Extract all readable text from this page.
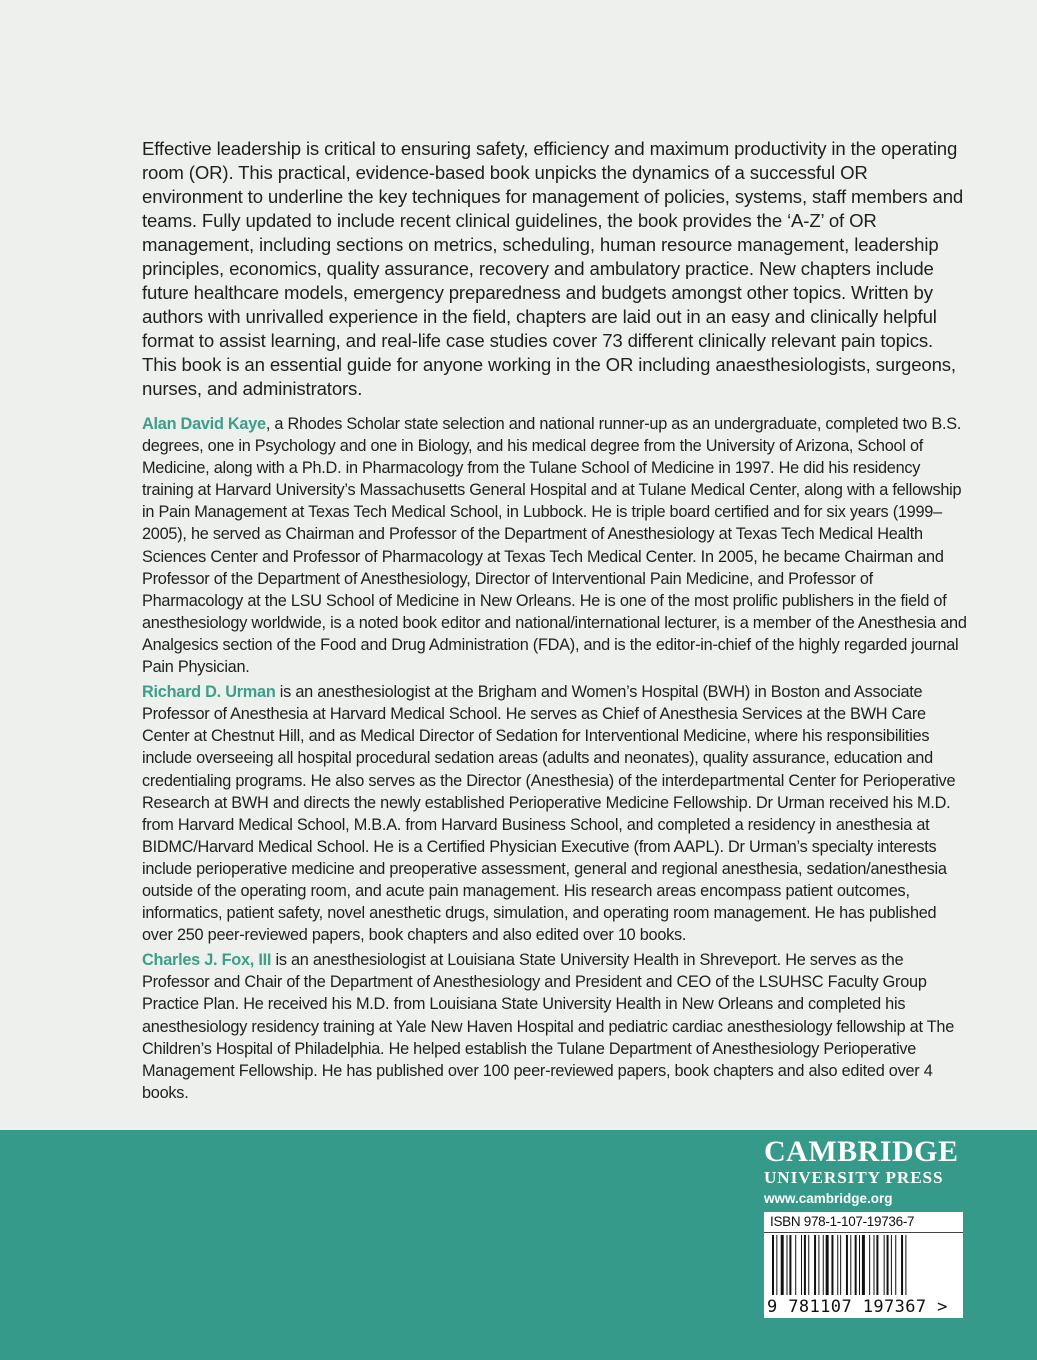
Effective leadership is critical to ensuring safety, efficiency and maximum productivity in the operating room (OR). This practical, evidence-based book unpicks the dynamics of a successful OR environment to underline the key techniques for management of policies, systems, staff members and teams. Fully updated to include recent clinical guidelines, the book provides the ‘A-Z’ of OR management, including sections on metrics, scheduling, human resource management, leadership principles, economics, quality assurance, recovery and ambulatory practice. New chapters include future healthcare models, emergency preparedness and budgets amongst other topics. Written by authors with unrivalled experience in the field, chapters are laid out in an easy and clinically helpful format to assist learning, and real-life case studies cover 73 different clinically relevant pain topics. This book is an essential guide for anyone working in the OR including anaesthesiologists, surgeons, nurses, and administrators.

Alan David Kaye, a Rhodes Scholar state selection and national runner-up as an undergraduate, completed two B.S. degrees, one in Psychology and one in Biology, and his medical degree from the University of Arizona, School of Medicine, along with a Ph.D. in Pharmacology from the Tulane School of Medicine in 1997. He did his residency training at Harvard University’s Massachusetts General Hospital and at Tulane Medical Center, along with a fellowship in Pain Management at Texas Tech Medical School, in Lubbock. He is triple board certified and for six years (1999–2005), he served as Chairman and Professor of the Department of Anesthesiology at Texas Tech Medical Health Sciences Center and Professor of Pharmacology at Texas Tech Medical Center. In 2005, he became Chairman and Professor of the Department of Anesthesiology, Director of Interventional Pain Medicine, and Professor of Pharmacology at the LSU School of Medicine in New Orleans. He is one of the most prolific publishers in the field of anesthesiology worldwide, is a noted book editor and national/international lecturer, is a member of the Anesthesia and Analgesics section of the Food and Drug Administration (FDA), and is the editor-in-chief of the highly regarded journal Pain Physician.

Richard D. Urman is an anesthesiologist at the Brigham and Women’s Hospital (BWH) in Boston and Associate Professor of Anesthesia at Harvard Medical School. He serves as Chief of Anesthesia Services at the BWH Care Center at Chestnut Hill, and as Medical Director of Sedation for Interventional Medicine, where his responsibilities include overseeing all hospital procedural sedation areas (adults and neonates), quality assurance, education and credentialing programs. He also serves as the Director (Anesthesia) of the interdepartmental Center for Perioperative Research at BWH and directs the newly established Perioperative Medicine Fellowship. Dr Urman received his M.D. from Harvard Medical School, M.B.A. from Harvard Business School, and completed a residency in anesthesia at BIDMC/Harvard Medical School. He is a Certified Physician Executive (from AAPL). Dr Urman’s specialty interests include perioperative medicine and preoperative assessment, general and regional anesthesia, sedation/anesthesia outside of the operating room, and acute pain management. His research areas encompass patient outcomes, informatics, patient safety, novel anesthetic drugs, simulation, and operating room management. He has published over 250 peer-reviewed papers, book chapters and also edited over 10 books.

Charles J. Fox, III is an anesthesiologist at Louisiana State University Health in Shreveport. He serves as the Professor and Chair of the Department of Anesthesiology and President and CEO of the LSUHSC Faculty Group Practice Plan. He received his M.D. from Louisiana State University Health in New Orleans and completed his anesthesiology residency training at Yale New Haven Hospital and pediatric cardiac anesthesiology fellowship at The Children’s Hospital of Philadelphia. He helped establish the Tulane Department of Anesthesiology Perioperative Management Fellowship. He has published over 100 peer-reviewed papers, book chapters and also edited over 4 books.

CAMBRIDGE
UNIVERSITY PRESS
www.cambridge.org
ISBN 978-1-107-19736-7
9 781107 197367 >
